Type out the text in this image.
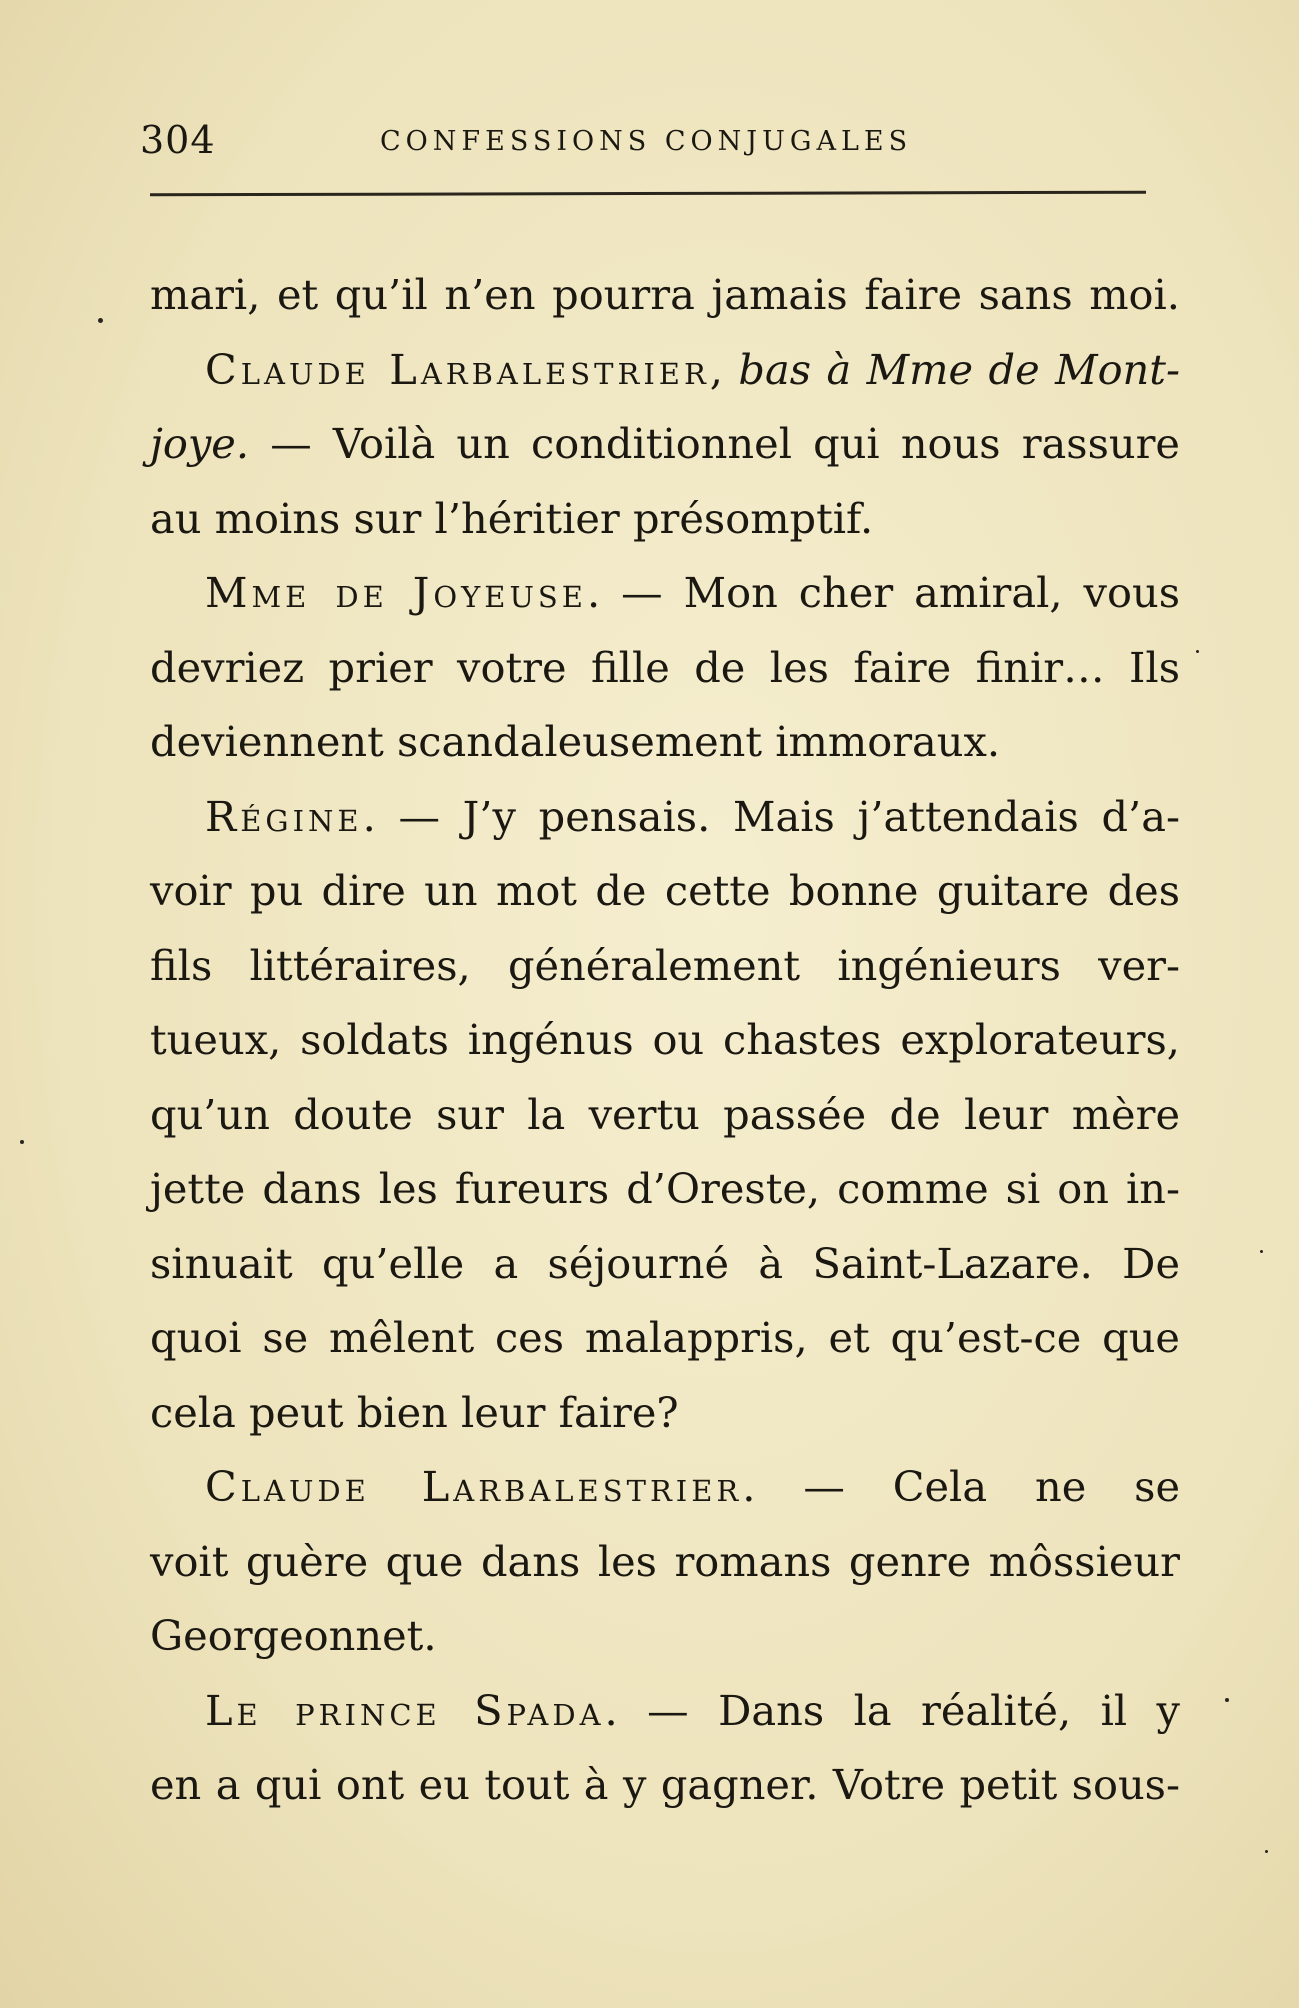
304	CONFESSIONS CONJUGALES
mari, et qu’il n’en pourra jamais faire sans moi.
Claude Larbalestrier, bas à Mme de Mont-
joye. — Voilà un conditionnel qui nous rassure
au moins sur l’héritier présomptif.
Mme de Joyeuse. — Mon cher amiral, vous
devriez prier votre fille de les faire finir… Ils
deviennent scandaleusement immoraux.
Régine. — J’y pensais. Mais j’attendais d’a-
voir pu dire un mot de cette bonne guitare des
fils littéraires, généralement ingénieurs ver-
tueux, soldats ingénus ou chastes explorateurs,
qu’un doute sur la vertu passée de leur mère
jette dans les fureurs d’Oreste, comme si on in-
sinuait qu’elle a séjourné à Saint-Lazare. De
quoi se mêlent ces malappris, et qu’est-ce que
cela peut bien leur faire?
Claude Larbalestrier. — Cela ne se
voit guère que dans les romans genre môssieur
Georgeonnet.
Le prince Spada. — Dans la réalité, il y
en a qui ont eu tout à y gagner. Votre petit sous-
